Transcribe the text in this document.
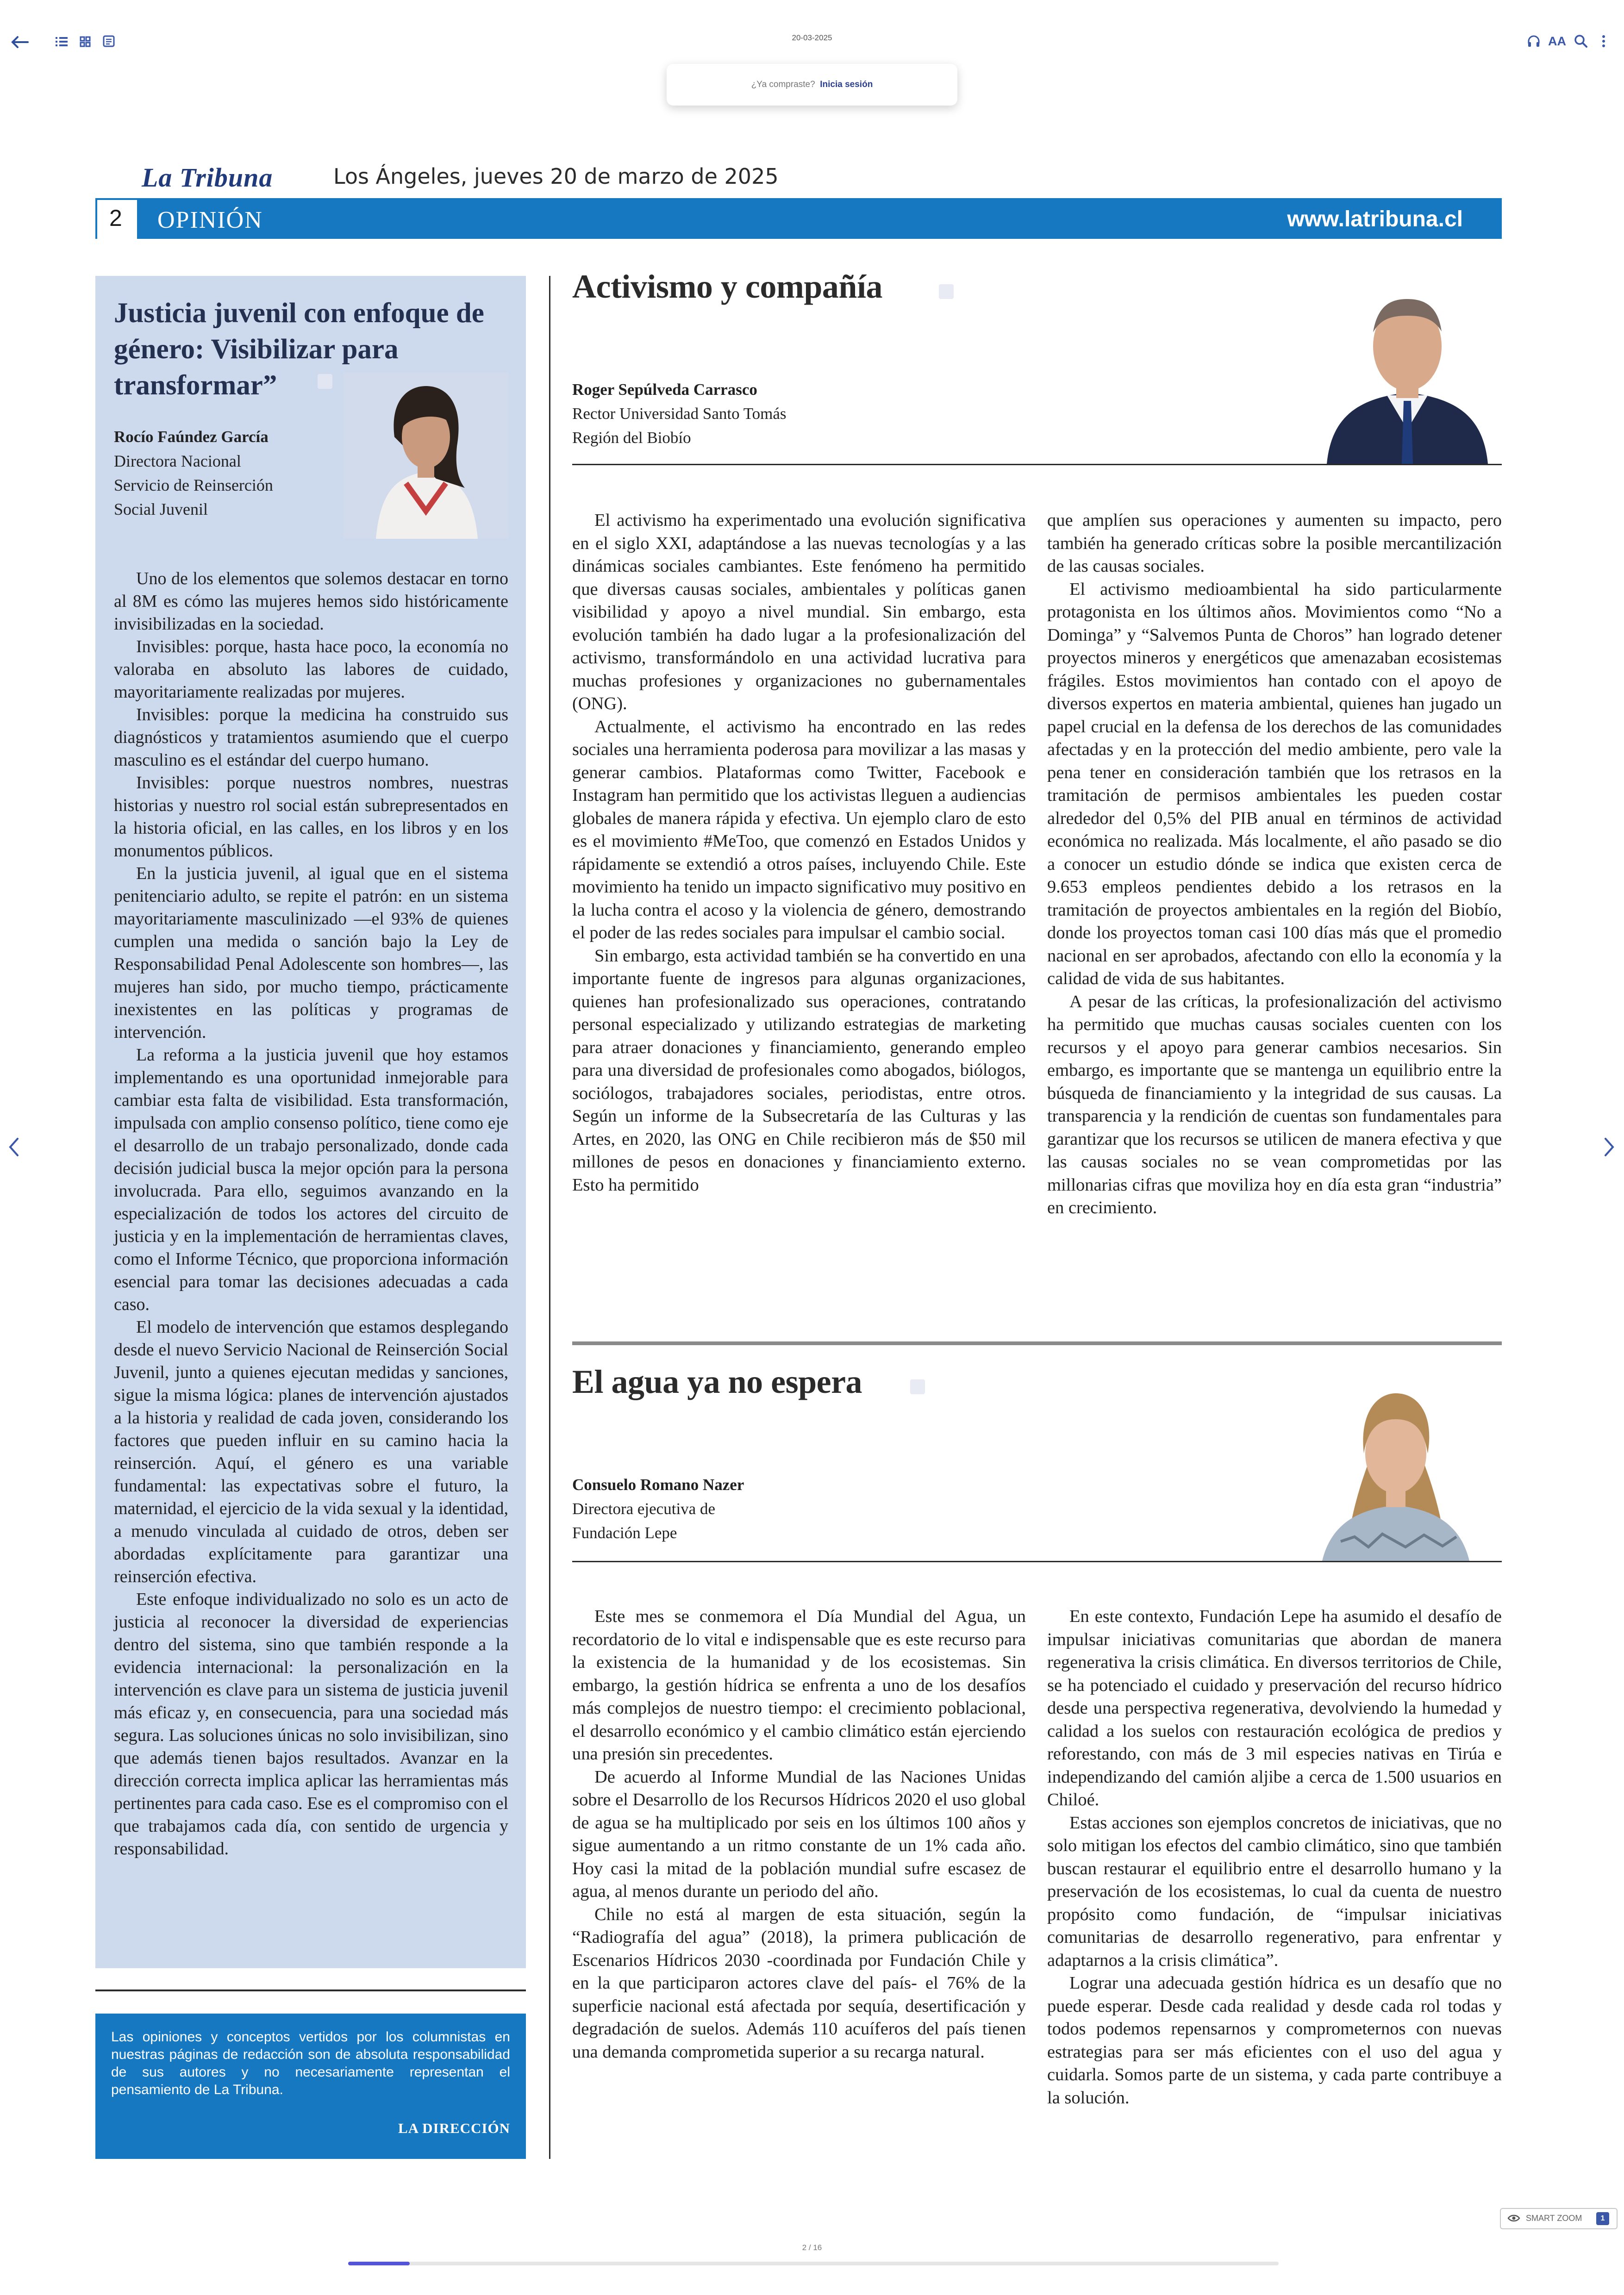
20-03-2025	AA
¿Ya compraste? Inicia sesión
La Tribuna	Los Ángeles, jueves 20 de marzo de 2025
2 OPINIÓN	www.latribuna.cl
Justicia juvenil con enfoque de género: Visibilizar para transformar”
Rocío Faúndez García
Directora Nacional
Servicio de Reinserción
Social Juvenil

Uno de los elementos que solemos destacar en torno al 8M es cómo las mujeres hemos sido históricamente invisibilizadas en la sociedad.

Invisibles: porque, hasta hace poco, la economía no valoraba en absoluto las labores de cuidado, mayoritariamente realizadas por mujeres.

Invisibles: porque la medicina ha construido sus diagnósticos y tratamientos asumiendo que el cuerpo masculino es el estándar del cuerpo humano.

Invisibles: porque nuestros nombres, nuestras historias y nuestro rol social están subrepresentados en la historia oficial, en las calles, en los libros y en los monumentos públicos.

En la justicia juvenil, al igual que en el sistema penitenciario adulto, se repite el patrón: en un sistema mayoritariamente masculinizado —el 93% de quienes cumplen una medida o sanción bajo la Ley de Responsabilidad Penal Adolescente son hombres—, las mujeres han sido, por mucho tiempo, prácticamente inexistentes en las políticas y programas de intervención.

La reforma a la justicia juvenil que hoy estamos implementando es una oportunidad inmejorable para cambiar esta falta de visibilidad. Esta transformación, impulsada con amplio consenso político, tiene como eje el desarrollo de un trabajo personalizado, donde cada decisión judicial busca la mejor opción para la persona involucrada. Para ello, seguimos avanzando en la especialización de todos los actores del circuito de justicia y en la implementación de herramientas claves, como el Informe Técnico, que proporciona información esencial para tomar las decisiones adecuadas a cada caso.

El modelo de intervención que estamos desplegando desde el nuevo Servicio Nacional de Reinserción Social Juvenil, junto a quienes ejecutan medidas y sanciones, sigue la misma lógica: planes de intervención ajustados a la historia y realidad de cada joven, considerando los factores que pueden influir en su camino hacia la reinserción. Aquí, el género es una variable fundamental: las expectativas sobre el futuro, la maternidad, el ejercicio de la vida sexual y la identidad, a menudo vinculada al cuidado de otros, deben ser abordadas explícitamente para garantizar una reinserción efectiva.

Este enfoque individualizado no solo es un acto de justicia al reconocer la diversidad de experiencias dentro del sistema, sino que también responde a la evidencia internacional: la personalización en la intervención es clave para un sistema de justicia juvenil más eficaz y, en consecuencia, para una sociedad más segura. Las soluciones únicas no solo invisibilizan, sino que además tienen bajos resultados. Avanzar en la dirección correcta implica aplicar las herramientas más pertinentes para cada caso. Ese es el compromiso con el que trabajamos cada día, con sentido de urgencia y responsabilidad.

Las opiniones y conceptos vertidos por los columnistas en nuestras páginas de redacción son de absoluta responsabilidad de sus autores y no necesariamente representan el pensamiento de La Tribuna.
LA DIRECCIÓN
Activismo y compañía
Roger Sepúlveda Carrasco
Rector Universidad Santo Tomás
Región del Biobío

El activismo ha experimentado una evolución significativa en el siglo XXI, adaptándose a las nuevas tecnologías y a las dinámicas sociales cambiantes. Este fenómeno ha permitido que diversas causas sociales, ambientales y políticas ganen visibilidad y apoyo a nivel mundial. Sin embargo, esta evolución también ha dado lugar a la profesionalización del activismo, transformándolo en una actividad lucrativa para muchas profesiones y organizaciones no gubernamentales (ONG).

Actualmente, el activismo ha encontrado en las redes sociales una herramienta poderosa para movilizar a las masas y generar cambios. Plataformas como Twitter, Facebook e Instagram han permitido que los activistas lleguen a audiencias globales de manera rápida y efectiva. Un ejemplo claro de esto es el movimiento #MeToo, que comenzó en Estados Unidos y rápidamente se extendió a otros países, incluyendo Chile. Este movimiento ha tenido un impacto significativo muy positivo en la lucha contra el acoso y la violencia de género, demostrando el poder de las redes sociales para impulsar el cambio social.

Sin embargo, esta actividad también se ha convertido en una importante fuente de ingresos para algunas organizaciones, quienes han profesionalizado sus operaciones, contratando personal especializado y utilizando estrategias de marketing para atraer donaciones y financiamiento, generando empleo para una diversidad de profesionales como abogados, biólogos, sociólogos, trabajadores sociales, periodistas, entre otros. Según un informe de la Subsecretaría de las Culturas y las Artes, en 2020, las ONG en Chile recibieron más de $50 mil millones de pesos en donaciones y financiamiento externo. Esto ha permitido

que amplíen sus operaciones y aumenten su impacto, pero también ha generado críticas sobre la posible mercantilización de las causas sociales.

El activismo medioambiental ha sido particularmente protagonista en los últimos años. Movimientos como “No a Dominga” y “Salvemos Punta de Choros” han logrado detener proyectos mineros y energéticos que amenazaban ecosistemas frágiles. Estos movimientos han contado con el apoyo de diversos expertos en materia ambiental, quienes han jugado un papel crucial en la defensa de los derechos de las comunidades afectadas y en la protección del medio ambiente, pero vale la pena tener en consideración también que los retrasos en la tramitación de permisos ambientales les pueden costar alrededor del 0,5% del PIB anual en términos de actividad económica no realizada. Más localmente, el año pasado se dio a conocer un estudio dónde se indica que existen cerca de 9.653 empleos pendientes debido a los retrasos en la tramitación de proyectos ambientales en la región del Biobío, donde los proyectos toman casi 100 días más que el promedio nacional en ser aprobados, afectando con ello la economía y la calidad de vida de sus habitantes.

A pesar de las críticas, la profesionalización del activismo ha permitido que muchas causas sociales cuenten con los recursos y el apoyo para generar cambios necesarios. Sin embargo, es importante que se mantenga un equilibrio entre la búsqueda de financiamiento y la integridad de sus causas. La transparencia y la rendición de cuentas son fundamentales para garantizar que los recursos se utilicen de manera efectiva y que las causas sociales no se vean comprometidas por las millonarias cifras que moviliza hoy en día esta gran “industria” en crecimiento.

El agua ya no espera
Consuelo Romano Nazer
Directora ejecutiva de
Fundación Lepe

Este mes se conmemora el Día Mundial del Agua, un recordatorio de lo vital e indispensable que es este recurso para la existencia de la humanidad y de los ecosistemas. Sin embargo, la gestión hídrica se enfrenta a uno de los desafíos más complejos de nuestro tiempo: el crecimiento poblacional, el desarrollo económico y el cambio climático están ejerciendo una presión sin precedentes.

De acuerdo al Informe Mundial de las Naciones Unidas sobre el Desarrollo de los Recursos Hídricos 2020 el uso global de agua se ha multiplicado por seis en los últimos 100 años y sigue aumentando a un ritmo constante de un 1% cada año. Hoy casi la mitad de la población mundial sufre escasez de agua, al menos durante un periodo del año.

Chile no está al margen de esta situación, según la “Radiografía del agua” (2018), la primera publicación de Escenarios Hídricos 2030 -coordinada por Fundación Chile y en la que participaron actores clave del país- el 76% de la superficie nacional está afectada por sequía, desertificación y degradación de suelos. Además 110 acuíferos del país tienen una demanda comprometida superior a su recarga natural.

En este contexto, Fundación Lepe ha asumido el desafío de impulsar iniciativas comunitarias que abordan de manera regenerativa la crisis climática. En diversos territorios de Chile, se ha potenciado el cuidado y preservación del recurso hídrico desde una perspectiva regenerativa, devolviendo la humedad y calidad a los suelos con restauración ecológica de predios y reforestando, con más de 3 mil especies nativas en Tirúa e independizando del camión aljibe a cerca de 1.500 usuarios en Chiloé.

Estas acciones son ejemplos concretos de iniciativas, que no solo mitigan los efectos del cambio climático, sino que también buscan restaurar el equilibrio entre el desarrollo humano y la preservación de los ecosistemas, lo cual da cuenta de nuestro propósito como fundación, de “impulsar iniciativas comunitarias de desarrollo regenerativo, para enfrentar y adaptarnos a la crisis climática”.

Lograr una adecuada gestión hídrica es un desafío que no puede esperar. Desde cada realidad y desde cada rol todas y todos podemos repensarnos y comprometernos con nuevas estrategias para ser más eficientes con el uso del agua y cuidarla. Somos parte de un sistema, y cada parte contribuye a la solución.

SMART ZOOM	1
2 / 16
